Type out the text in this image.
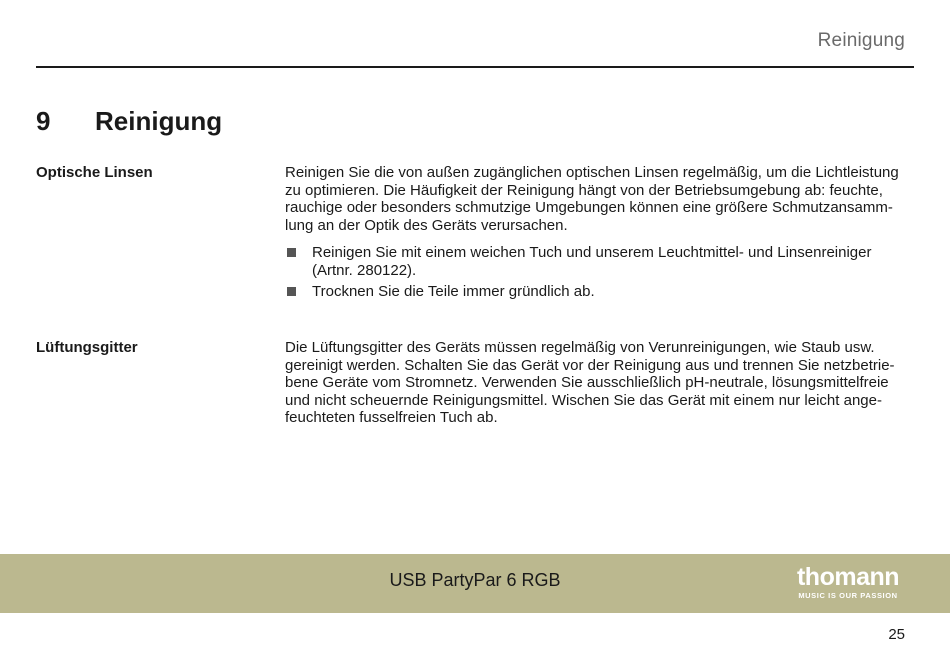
Reinigung
9 Reinigung
Optische Linsen	Reinigen Sie die von außen zugänglichen optischen Linsen regelmäßig, um die Lichtleistung zu optimieren. Die Häufigkeit der Reinigung hängt von der Betriebsumgebung ab: feuchte, rauchige oder besonders schmutzige Umgebungen können eine größere Schmutzansammlung an der Optik des Geräts verursachen.

Reinigen Sie mit einem weichen Tuch und unserem Leuchtmittel- und Linsenreiniger (Artnr. 280122).
Trocknen Sie die Teile immer gründlich ab.
Lüftungsgitter	Die Lüftungsgitter des Geräts müssen regelmäßig von Verunreinigungen, wie Staub usw. gereinigt werden. Schalten Sie das Gerät vor der Reinigung aus und trennen Sie netzbetriebene Geräte vom Stromnetz. Verwenden Sie ausschließlich pH-neutrale, lösungsmittelfreie und nicht scheuernde Reinigungsmittel. Wischen Sie das Gerät mit einem nur leicht angefeuchteten fusselfreien Tuch ab.

USB PartyPar 6 RGB	thomann
MUSIC IS OUR PASSION
25
